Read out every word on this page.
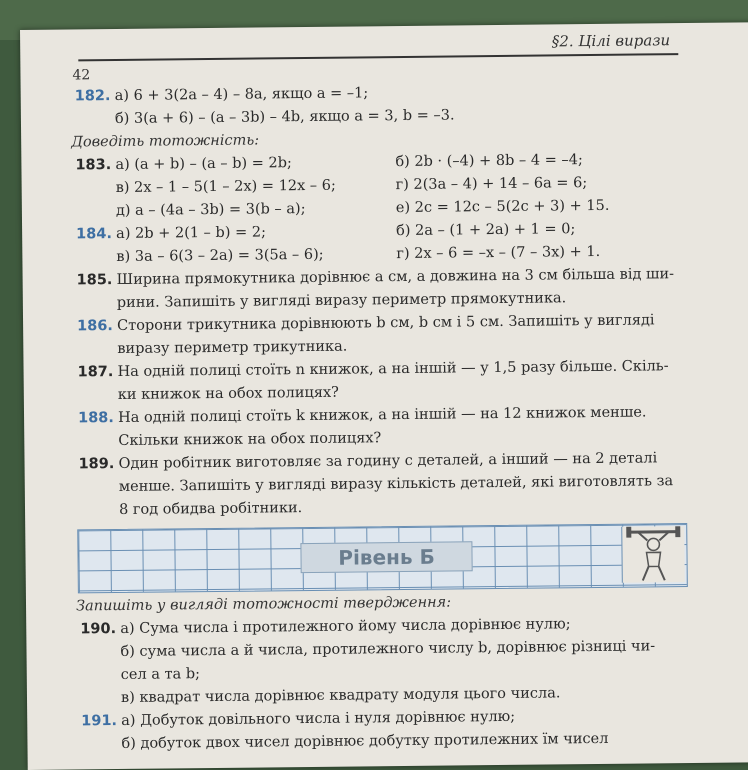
§2. Цілі вирази
42
182. а) 6 + 3(2a – 4) – 8a, якщо a = –1;
б) 3(a + 6) – (a – 3b) – 4b, якщо a = 3, b = –3.
Доведіть тотожність:
183. а) (a + b) – (a – b) = 2b;	б) 2b · (–4) + 8b – 4 = –4;
в) 2x – 1 – 5(1 – 2x) = 12x – 6;	г) 2(3a – 4) + 14 – 6a = 6;
д) a – (4a – 3b) = 3(b – a);	е) 2c = 12c – 5(2c + 3) + 15.
184. а) 2b + 2(1 – b) = 2;	б) 2a – (1 + 2a) + 1 = 0;
в) 3a – 6(3 – 2a) = 3(5a – 6);	г) 2x – 6 = –x – (7 – 3x) + 1.
185. Ширина прямокутника дорівнює a см, а довжина на 3 см більша від ши-
рини. Запишіть у вигляді виразу периметр прямокутника.
186. Сторони трикутника дорівнюють b см, b см і 5 см. Запишіть у вигляді
виразу периметр трикутника.
187. На одній полиці стоїть n книжок, а на іншій — у 1,5 разу більше. Скіль-
ки книжок на обох полицях?
188. На одній полиці стоїть k книжок, а на іншій — на 12 книжок менше.
Скільки книжок на обох полицях?
189. Один робітник виготовляє за годину c деталей, а інший — на 2 деталі
менше. Запишіть у вигляді виразу кількість деталей, які виготовлять за
8 год обидва робітники.
Рівень Б
Запишіть у вигляді тотожності твердження:
190. а) Сума числа і протилежного йому числа дорівнює нулю;
б) сума числа a й числа, протилежного числу b, дорівнює різниці чи-
сел a та b;
в) квадрат числа дорівнює квадрату модуля цього числа.
191. а) Добуток довільного числа і нуля дорівнює нулю;
б) добуток двох чисел дорівнює добутку протилежних їм чисел
